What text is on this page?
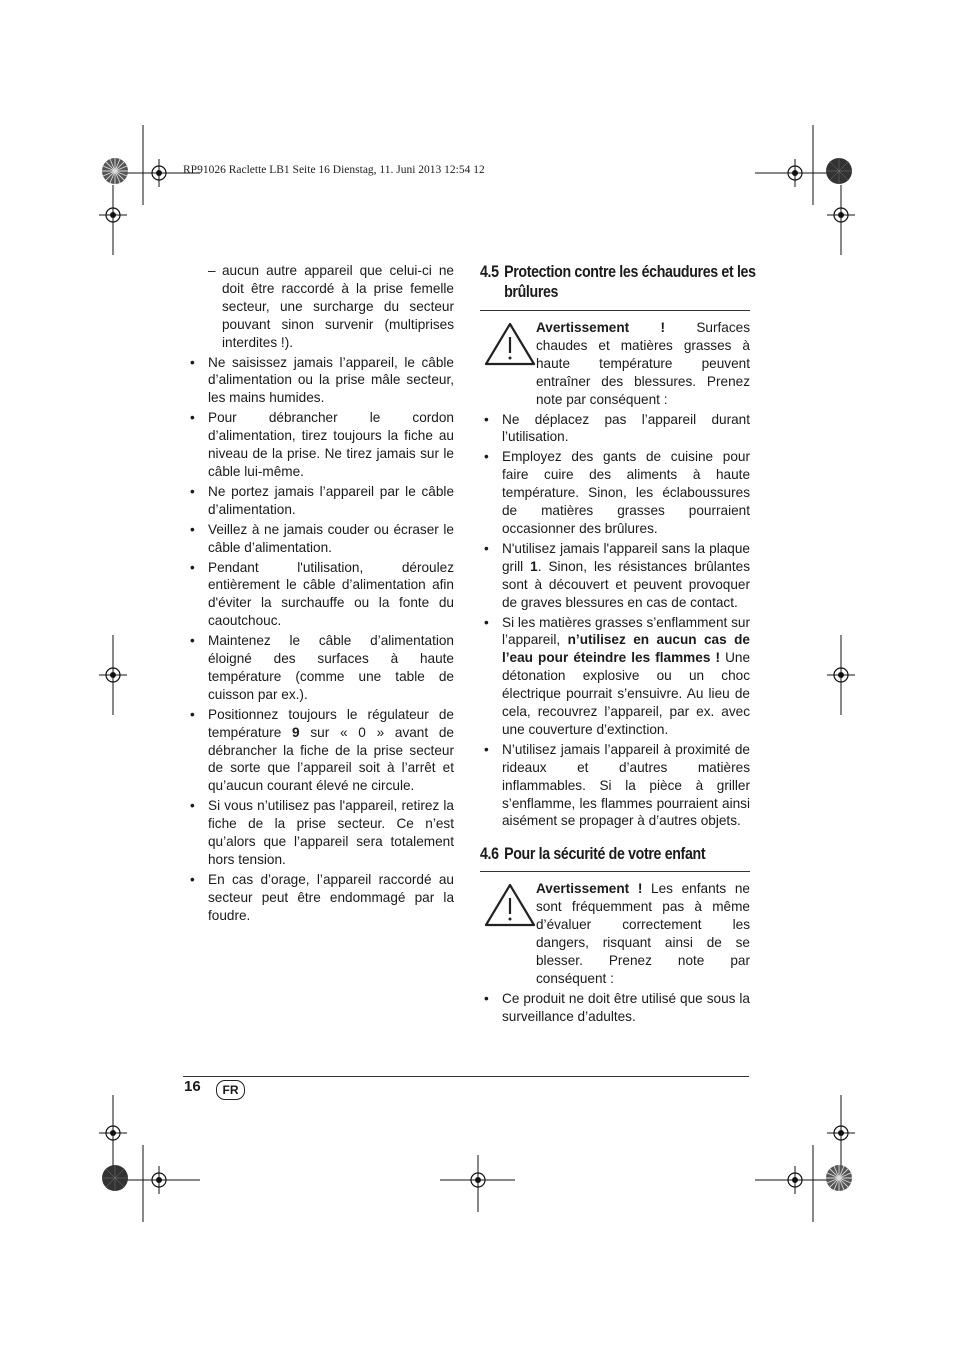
RP91026 Raclette LB1 Seite 16 Dienstag, 11. Juni 2013 12:54 12
– aucun autre appareil que celui-ci ne doit être raccordé à la prise femelle secteur, une surcharge du secteur pouvant sinon survenir (multiprises interdites !).
• Ne saisissez jamais l’appareil, le câble d’alimentation ou la prise mâle secteur, les mains humides.
• Pour débrancher le cordon d’alimentation, tirez toujours la fiche au niveau de la prise. Ne tirez jamais sur le câble lui-même.
• Ne portez jamais l’appareil par le câble d’alimentation.
• Veillez à ne jamais couder ou écraser le câble d’alimentation.
• Pendant l'utilisation, déroulez entièrement le câble d’alimentation afin d'éviter la surchauffe ou la fonte du caoutchouc.
• Maintenez le câble d’alimentation éloigné des surfaces à haute température (comme une table de cuisson par ex.).
• Positionnez toujours le régulateur de température 9 sur « 0 » avant de débrancher la fiche de la prise secteur de sorte que l’appareil soit à l’arrêt et qu’aucun courant élevé ne circule.
• Si vous n’utilisez pas l'appareil, retirez la fiche de la prise secteur. Ce n’est qu’alors que l’appareil sera totalement hors tension.
• En cas d’orage, l’appareil raccordé au secteur peut être endommagé par la foudre.
4.5 Protection contre les échaudures et les brûlures
Avertissement ! Surfaces chaudes et matières grasses à haute température peuvent entraîner des blessures. Prenez note par conséquent :
• Ne déplacez pas l’appareil durant l’utilisation.
• Employez des gants de cuisine pour faire cuire des aliments à haute température. Sinon, les éclaboussures de matières grasses pourraient occasionner des brûlures.
• N'utilisez jamais l'appareil sans la plaque grill 1. Sinon, les résistances brûlantes sont à découvert et peuvent provoquer de graves blessures en cas de contact.
• Si les matières grasses s’enflamment sur l’appareil, n’utilisez en aucun cas de l’eau pour éteindre les flammes ! Une détonation explosive ou un choc électrique pourrait s’ensuivre. Au lieu de cela, recouvrez l’appareil, par ex. avec une couverture d’extinction.
• N’utilisez jamais l’appareil à proximité de rideaux et d’autres matières inflammables. Si la pièce à griller s’enflamme, les flammes pourraient ainsi aisément se propager à d’autres objets.
4.6 Pour la sécurité de votre enfant
Avertissement ! Les enfants ne sont fréquemment pas à même d’évaluer correctement les dangers, risquant ainsi de se blesser. Prenez note par conséquent :
• Ce produit ne doit être utilisé que sous la surveillance d’adultes.
16	FR
